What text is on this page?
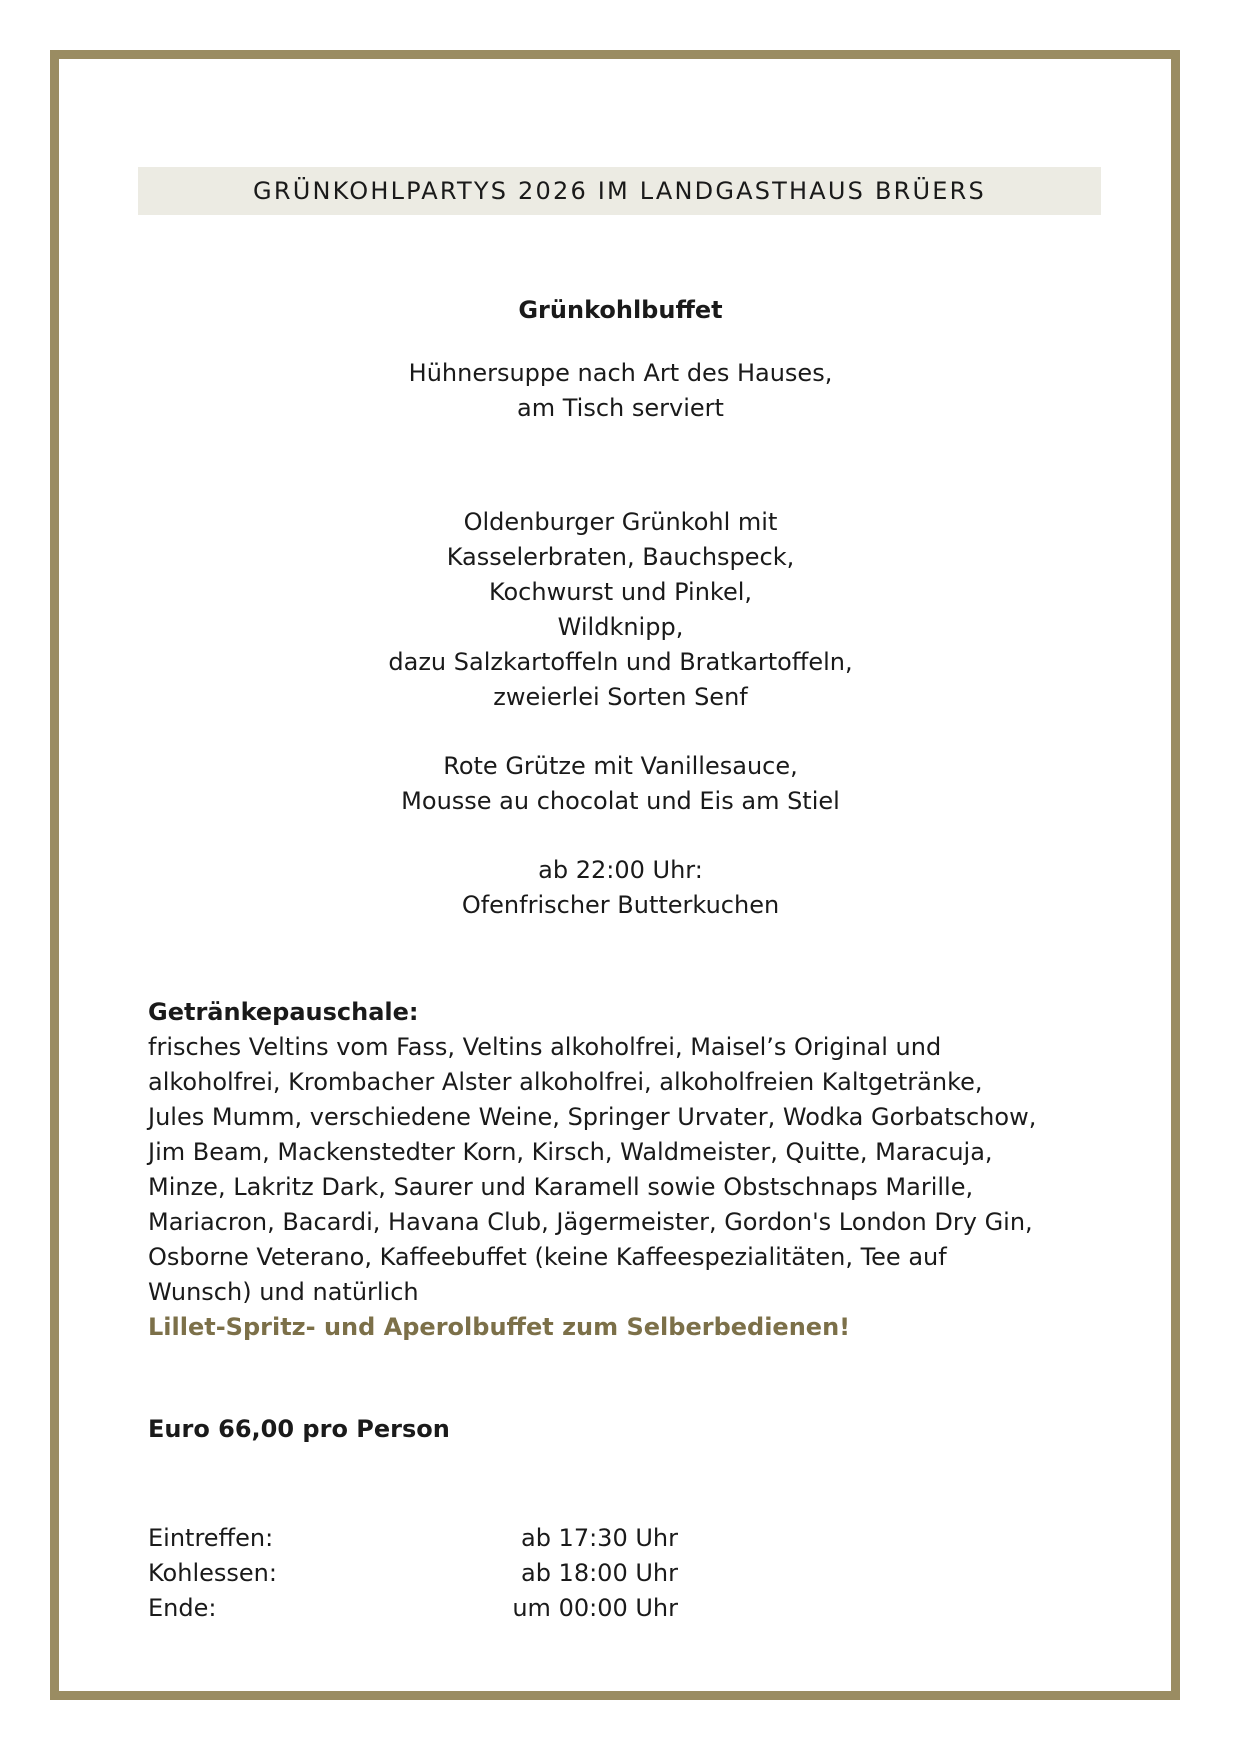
GRÜNKOHLPARTYS 2026 IM LANDGASTHAUS BRÜERS
Grünkohlbuffet
Hühnersuppe nach Art des Hauses,
am Tisch serviert
Oldenburger Grünkohl mit
Kasselerbraten, Bauchspeck,
Kochwurst und Pinkel,
Wildknipp,
dazu Salzkartoffeln und Bratkartoffeln,
zweierlei Sorten Senf
Rote Grütze mit Vanillesauce,
Mousse au chocolat und Eis am Stiel
ab 22:00 Uhr:
Ofenfrischer Butterkuchen
Getränkepauschale:
frisches Veltins vom Fass, Veltins alkoholfrei, Maisel’s Original und
alkoholfrei, Krombacher Alster alkoholfrei, alkoholfreien Kaltgetränke,
Jules Mumm, verschiedene Weine, Springer Urvater, Wodka Gorbatschow,
Jim Beam, Mackenstedter Korn, Kirsch, Waldmeister, Quitte, Maracuja,
Minze, Lakritz Dark, Saurer und Karamell sowie Obstschnaps Marille,
Mariacron, Bacardi, Havana Club, Jägermeister, Gordon's London Dry Gin,
Osborne Veterano, Kaffeebuffet (keine Kaffeespezialitäten, Tee auf
Wunsch) und natürlich
Lillet-Spritz- und Aperolbuffet zum Selberbedienen!
Euro 66,00 pro Person
Eintreffen:	ab 17:30 Uhr
Kohlessen:	ab 18:00 Uhr
Ende:	um 00:00 Uhr
